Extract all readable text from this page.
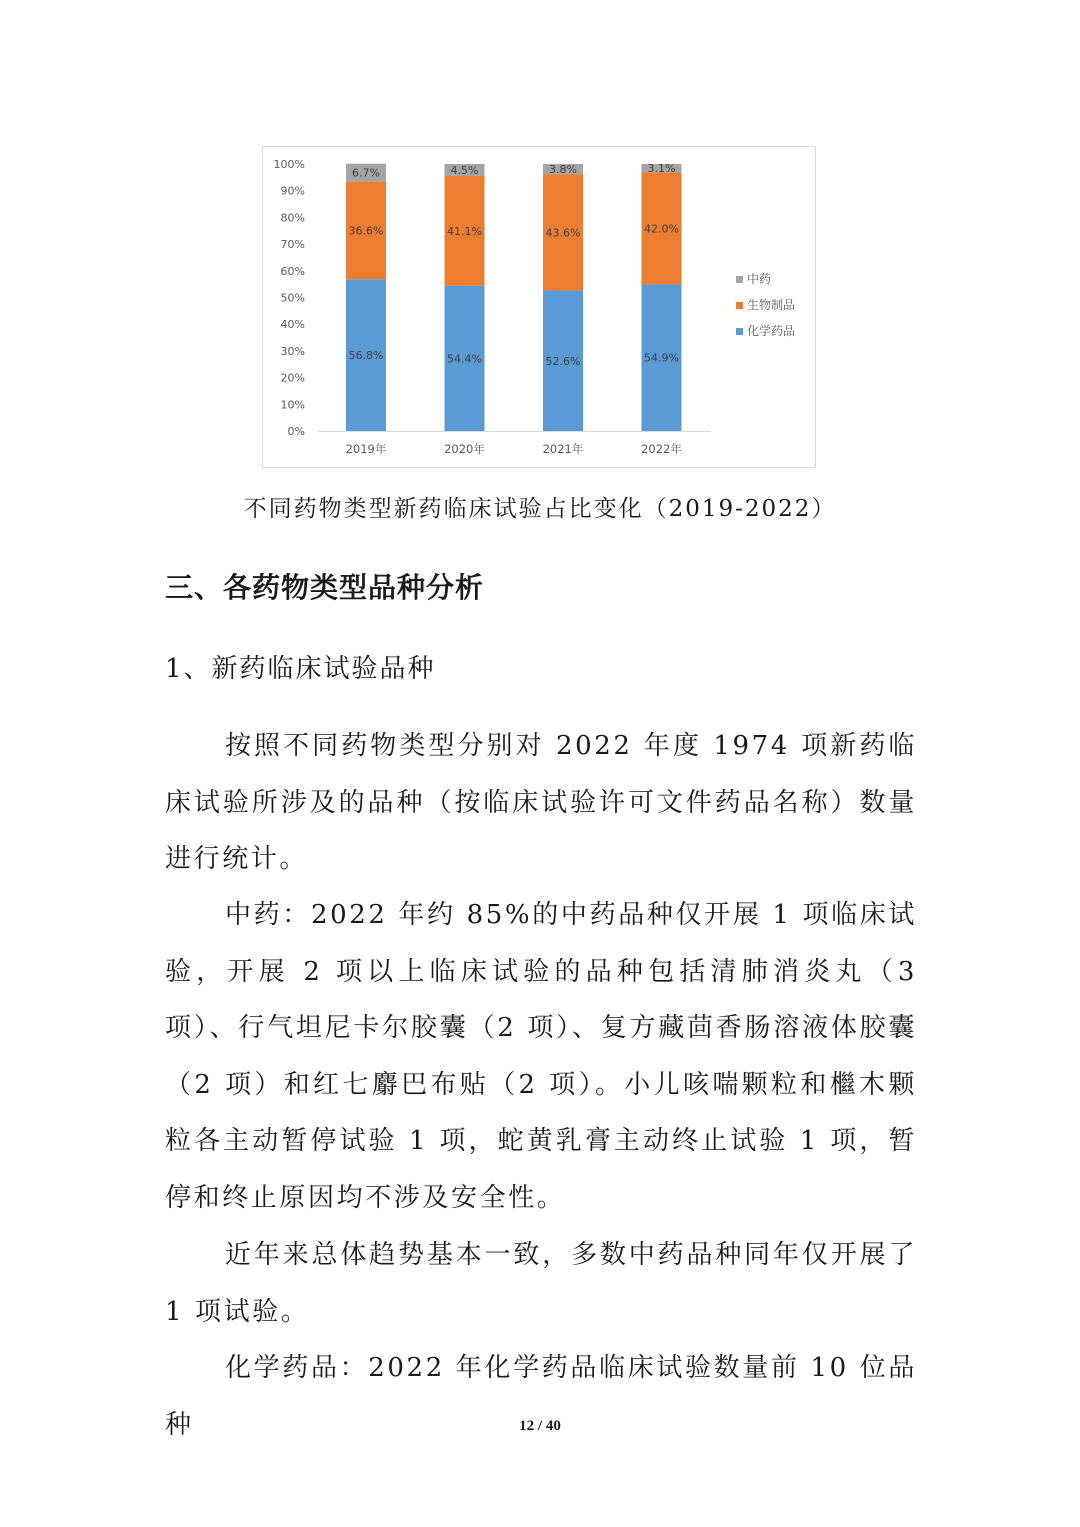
0%
10%
20%
30%
40%
50%
60%
70%
80%
90%
100%
2019年	2020年	2021年	2022年
56.8%
36.6%
6.7%
54.4%
41.1%
4.5%
52.6%
43.6%
3.8%
54.9%
42.0%
3.1%
中药
生物制品
化学药品
不同药物类型新药临床试验占比变化（2019-2022）
三、各药物类型品种分析
1、新药临床试验品种

按照不同药物类型分别对 2022 年度 1974 项新药临床试验所涉及的品种（按临床试验许可文件药品名称）数量进行统计。

中药：2022 年约 85%的中药品种仅开展 1 项临床试验，开展 2 项以上临床试验的品种包括清肺消炎丸（3 项）、行气坦尼卡尔胶囊（2 项）、复方藏茴香肠溶液体胶囊（2 项）和红七麝巴布贴（2 项）。小儿咳喘颗粒和檵木颗粒各主动暂停试验 1 项，蛇黄乳膏主动终止试验 1 项，暂停和终止原因均不涉及安全性。

近年来总体趋势基本一致，多数中药品种同年仅开展了 1 项试验。

化学药品：2022 年化学药品临床试验数量前 10 位品种	12 / 40
